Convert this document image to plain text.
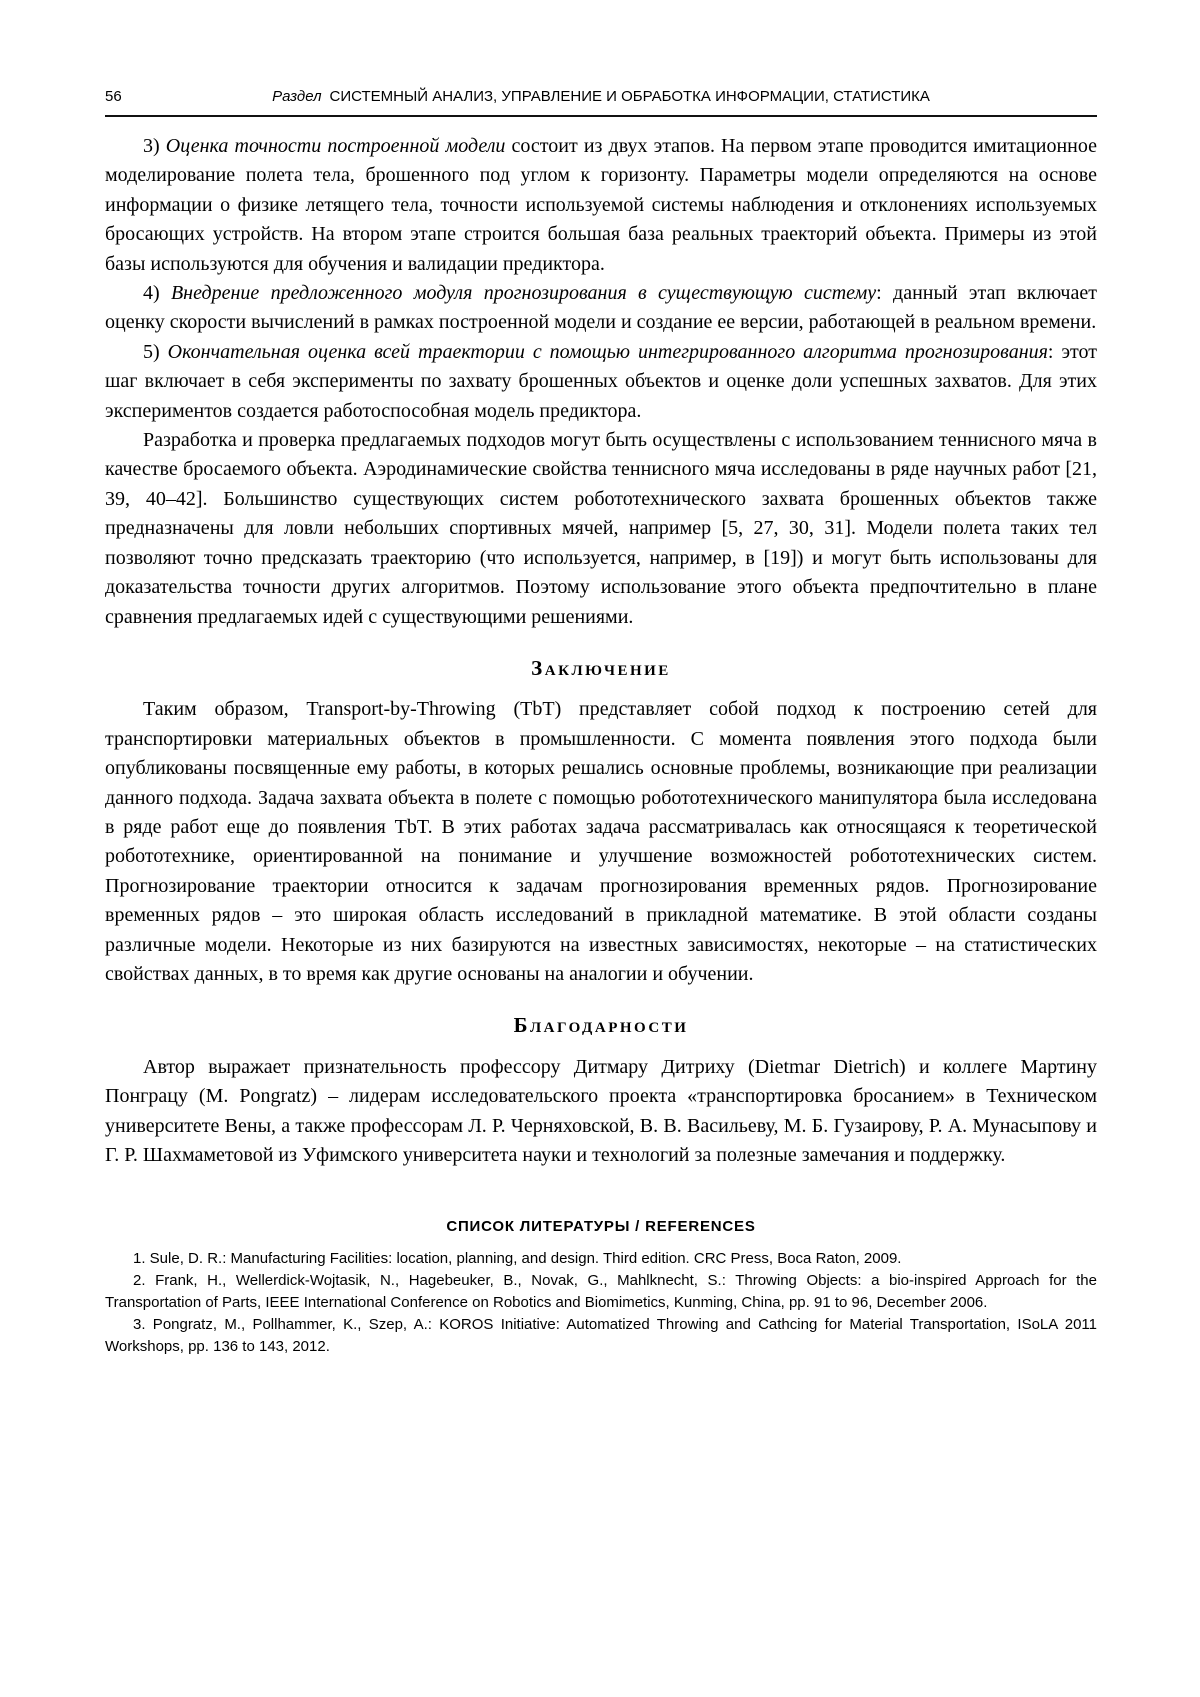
56	Раздел СИСТЕМНЫЙ АНАЛИЗ, УПРАВЛЕНИЕ И ОБРАБОТКА ИНФОРМАЦИИ, СТАТИСТИКА

3) Оценка точности построенной модели состоит из двух этапов. На первом этапе проводится имитационное моделирование полета тела, брошенного под углом к горизонту. Параметры модели определяются на основе информации о физике летящего тела, точности используемой системы наблюдения и отклонениях используемых бросающих устройств. На втором этапе строится большая база реальных траекторий объекта. Примеры из этой базы используются для обучения и валидации предиктора.

4) Внедрение предложенного модуля прогнозирования в существующую систему: данный этап включает оценку скорости вычислений в рамках построенной модели и создание ее версии, работающей в реальном времени.

5) Окончательная оценка всей траектории с помощью интегрированного алгоритма прогнозирования: этот шаг включает в себя эксперименты по захвату брошенных объектов и оценке доли успешных захватов. Для этих экспериментов создается работоспособная модель предиктора.

Разработка и проверка предлагаемых подходов могут быть осуществлены с использованием теннисного мяча в качестве бросаемого объекта. Аэродинамические свойства теннисного мяча исследованы в ряде научных работ [21, 39, 40–42]. Большинство существующих систем робототехнического захвата брошенных объектов также предназначены для ловли небольших спортивных мячей, например [5, 27, 30, 31]. Модели полета таких тел позволяют точно предсказать траекторию (что используется, например, в [19]) и могут быть использованы для доказательства точности других алгоритмов. Поэтому использование этого объекта предпочтительно в плане сравнения предлагаемых идей с существующими решениями.

Заключение

Таким образом, Transport-by-Throwing (TbT) представляет собой подход к построению сетей для транспортировки материальных объектов в промышленности. С момента появления этого подхода были опубликованы посвященные ему работы, в которых решались основные проблемы, возникающие при реализации данного подхода. Задача захвата объекта в полете с помощью робототехнического манипулятора была исследована в ряде работ еще до появления TbT. В этих работах задача рассматривалась как относящаяся к теоретической робототехнике, ориентированной на понимание и улучшение возможностей робототехнических систем. Прогнозирование траектории относится к задачам прогнозирования временных рядов. Прогнозирование временных рядов – это широкая область исследований в прикладной математике. В этой области созданы различные модели. Некоторые из них базируются на известных зависимостях, некоторые – на статистических свойствах данных, в то время как другие основаны на аналогии и обучении.

Благодарности

Автор выражает признательность профессору Дитмару Дитриху (Dietmar Dietrich) и коллеге Мартину Понграцу (M. Pongratz) – лидерам исследовательского проекта «транспортировка бросанием» в Техническом университете Вены, а также профессорам Л. Р. Черняховской, В. В. Васильеву, М. Б. Гузаирову, Р. А. Мунасыпову и Г. Р. Шахмаметовой из Уфимского университета науки и технологий за полезные замечания и поддержку.

СПИСОК ЛИТЕРАТУРЫ / REFERENCES

1. Sule, D. R.: Manufacturing Facilities: location, planning, and design. Third edition. CRC Press, Boca Raton, 2009.

2. Frank, H., Wellerdick-Wojtasik, N., Hagebeuker, B., Novak, G., Mahlknecht, S.: Throwing Objects: a bio-inspired Approach for the Transportation of Parts, IEEE International Conference on Robotics and Biomimetics, Kunming, China, pp. 91 to 96, December 2006.

3. Pongratz, M., Pollhammer, K., Szep, A.: KOROS Initiative: Automatized Throwing and Cathcing for Material Transportation, ISoLA 2011 Workshops, pp. 136 to 143, 2012.
